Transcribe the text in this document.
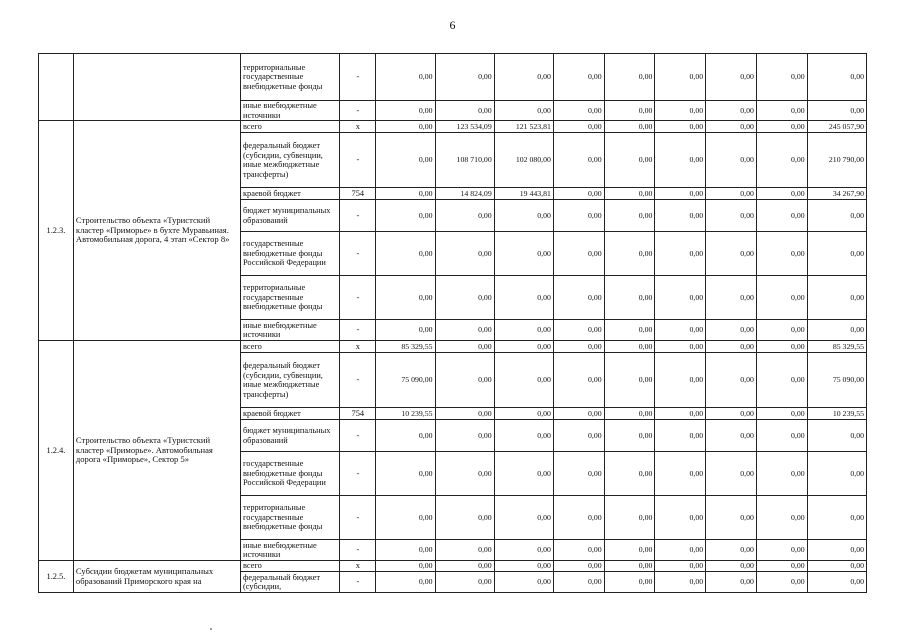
6
		территориальные государственные внебюджетные фонды	-	0,00	0,00	0,00	0,00	0,00	0,00	0,00	0,00	0,00
		иные внебюджетные источники	-	0,00	0,00	0,00	0,00	0,00	0,00	0,00	0,00	0,00
1.2.3.	Строительство объекта «Туристский кластер «Приморье» в бухте Муравьиная. Автомобильная дорога, 4 этап «Сектор 8»	всего	x	0,00	123 534,09	121 523,81	0,00	0,00	0,00	0,00	0,00	245 057,90
		федеральный бюджет (субсидии, субвенции, иные межбюджетные трансферты)	-	0,00	108 710,00	102 080,00	0,00	0,00	0,00	0,00	0,00	210 790,00
		краевой бюджет	754	0,00	14 824,09	19 443,81	0,00	0,00	0,00	0,00	0,00	34 267,90
		бюджет муниципальных образований	-	0,00	0,00	0,00	0,00	0,00	0,00	0,00	0,00	0,00
		государственные внебюджетные фонды Российской Федерации	-	0,00	0,00	0,00	0,00	0,00	0,00	0,00	0,00	0,00
		территориальные государственные внебюджетные фонды	-	0,00	0,00	0,00	0,00	0,00	0,00	0,00	0,00	0,00
		иные внебюджетные источники	-	0,00	0,00	0,00	0,00	0,00	0,00	0,00	0,00	0,00
1.2.4.	Строительство объекта «Туристский кластер «Приморье». Автомобильная дорога «Приморье», Сектор 5»	всего	x	85 329,55	0,00	0,00	0,00	0,00	0,00	0,00	0,00	85 329,55
		федеральный бюджет (субсидии, субвенции, иные межбюджетные трансферты)	-	75 090,00	0,00	0,00	0,00	0,00	0,00	0,00	0,00	75 090,00
		краевой бюджет	754	10 239,55	0,00	0,00	0,00	0,00	0,00	0,00	0,00	10 239,55
		бюджет муниципальных образований	-	0,00	0,00	0,00	0,00	0,00	0,00	0,00	0,00	0,00
		государственные внебюджетные фонды Российской Федерации	-	0,00	0,00	0,00	0,00	0,00	0,00	0,00	0,00	0,00
		территориальные государственные внебюджетные фонды	-	0,00	0,00	0,00	0,00	0,00	0,00	0,00	0,00	0,00
		иные внебюджетные источники	-	0,00	0,00	0,00	0,00	0,00	0,00	0,00	0,00	0,00
1.2.5.	Субсидии бюджетам муниципальных образований Приморского края на	всего	x	0,00	0,00	0,00	0,00	0,00	0,00	0,00	0,00	0,00
		федеральный бюджет (субсидии,	-	0,00	0,00	0,00	0,00	0,00	0,00	0,00	0,00	0,00
